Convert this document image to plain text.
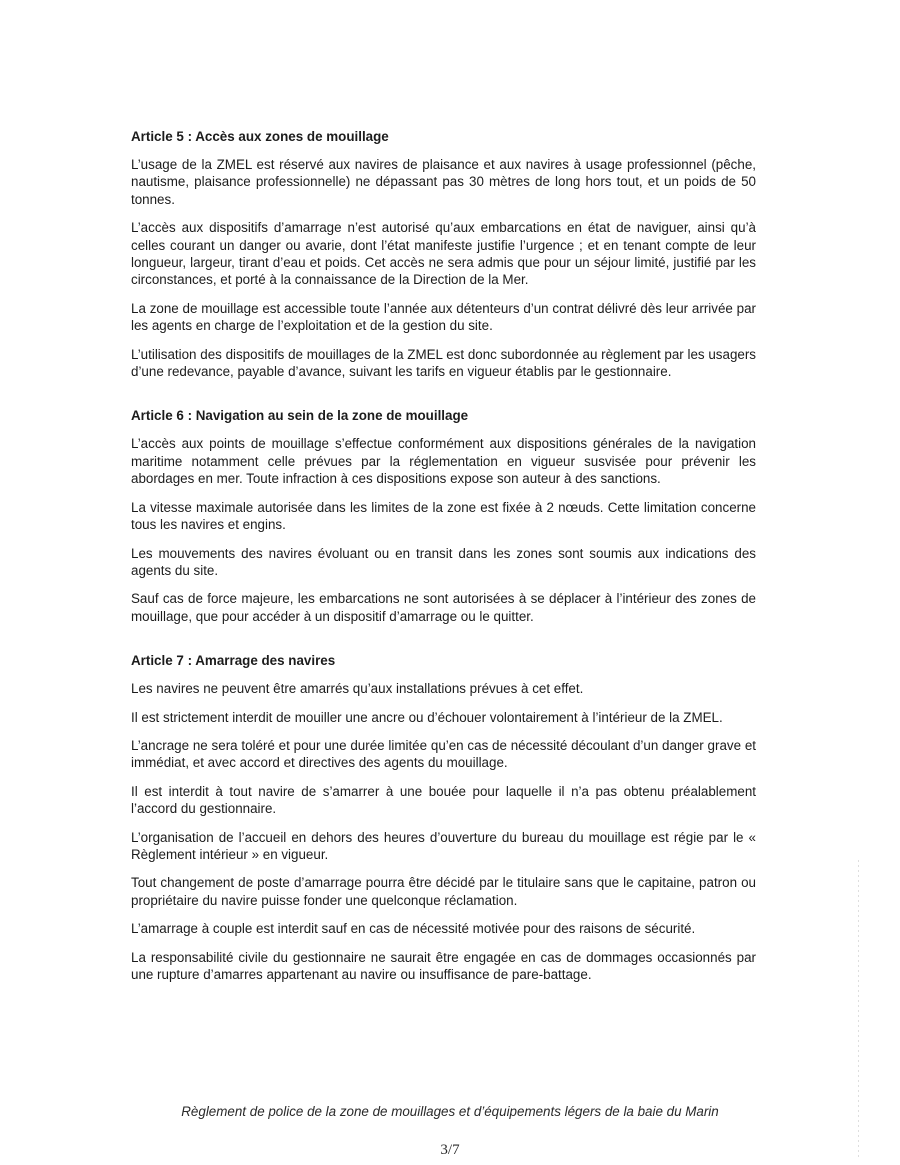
Article 5 : Accès aux zones de mouillage

L’usage de la ZMEL est réservé aux navires de plaisance et aux navires à usage professionnel (pêche, nautisme, plaisance professionnelle) ne dépassant pas 30 mètres de long hors tout, et un poids de 50 tonnes.

L’accès aux dispositifs d’amarrage n’est autorisé qu’aux embarcations en état de naviguer, ainsi qu’à celles courant un danger ou avarie, dont l’état manifeste justifie l’urgence ; et en tenant compte de leur longueur, largeur, tirant d’eau et poids. Cet accès ne sera admis que pour un séjour limité, justifié par les circonstances, et porté à la connaissance de la Direction de la Mer.

La zone de mouillage est accessible toute l’année aux détenteurs d’un contrat délivré dès leur arrivée par les agents en charge de l’exploitation et de la gestion du site.

L’utilisation des dispositifs de mouillages de la ZMEL est donc subordonnée au règlement par les usagers d’une redevance, payable d’avance, suivant les tarifs en vigueur établis par le gestionnaire.

Article 6 : Navigation au sein de la zone de mouillage

L’accès aux points de mouillage s’effectue conformément aux dispositions générales de la navigation maritime notamment celle prévues par la réglementation en vigueur susvisée pour prévenir les abordages en mer. Toute infraction à ces dispositions expose son auteur à des sanctions.

La vitesse maximale autorisée dans les limites de la zone est fixée à 2 nœuds. Cette limitation concerne tous les navires et engins.

Les mouvements des navires évoluant ou en transit dans les zones sont soumis aux indications des agents du site.

Sauf cas de force majeure, les embarcations ne sont autorisées à se déplacer à l’intérieur des zones de mouillage, que pour accéder à un dispositif d’amarrage ou le quitter.

Article 7 : Amarrage des navires

Les navires ne peuvent être amarrés qu’aux installations prévues à cet effet.

Il est strictement interdit de mouiller une ancre ou d’échouer volontairement à l’intérieur de la ZMEL.

L’ancrage ne sera toléré et pour une durée limitée qu’en cas de nécessité découlant d’un danger grave et immédiat, et avec accord et directives des agents du mouillage.

Il est interdit à tout navire de s’amarrer à une bouée pour laquelle il n’a pas obtenu préalablement l’accord du gestionnaire.

L’organisation de l’accueil en dehors des heures d’ouverture du bureau du mouillage est régie par le « Règlement intérieur » en vigueur.

Tout changement de poste d’amarrage pourra être décidé par le titulaire sans que le capitaine, patron ou propriétaire du navire puisse fonder une quelconque réclamation.

L’amarrage à couple est interdit sauf en cas de nécessité motivée pour des raisons de sécurité.

La responsabilité civile du gestionnaire ne saurait être engagée en cas de dommages occasionnés par une rupture d’amarres appartenant au navire ou insuffisance de pare-battage.

Règlement de police de la zone de mouillages et d’équipements légers de la baie du Marin
3/7
